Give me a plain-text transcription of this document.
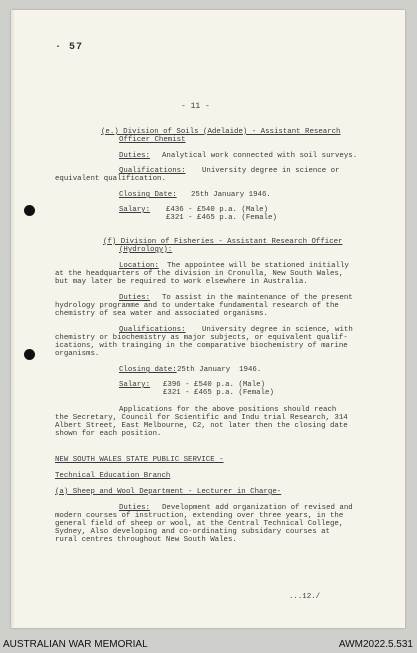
· 57
- 11 -
(e.) Division of Soils (Adelaide) - Assistant Research
Officer Chemist
Duties: Analytical work connected with soil surveys.
Qualifications: University degree in science or
equivalent qualification.
Closing Date: 25th January 1946.
Salary: £436 - £540 p.a. (Male)
£321 - £465 p.a. (Female)
(f) Division of Fisheries - Assistant Research Officer
(Hydrology):
Location: The appointee will be stationed initially
at the headquarters of the division in Cronulla, New South Wales,
but may later be required to work elsewhere in Australia.
Duties: To assist in the maintenance of the present
hydrology programme and to undertake fundamental research of the
chemistry of sea water and associated organisms.
Qualifications: University degree in science, with
chemistry or biochemistry as major subjects, or equivalent qualif-
ications, with trainging in the comparative biochemistry of marine
organisms.
Closing date: 25th January  1946.
Salary: £396 - £540 p.a. (Male)
£321 - £465 p.a. (Female)
Applications for the above positions should reach
the Secretary, Council for Scientific and Indu trial Research, 314
Albert Street, East Melbourne, C2, not later then the closing date
shown for each position.
NEW SOUTH WALES STATE PUBLIC SERVICE -
Technical Education Branch
(a) Sheep and Wool Department - Lecturer in Charge-
Duties: Development add organization of revised and
modern courses of instruction, extending over three years, in the
general field of sheep or wool, at the Central Technical College,
Sydney, Also developing and co-ordinating subsidary courses at
rural centres throughout New South Wales.
...12./
AUSTRALIAN WAR MEMORIAL	AWM2022.5.531
